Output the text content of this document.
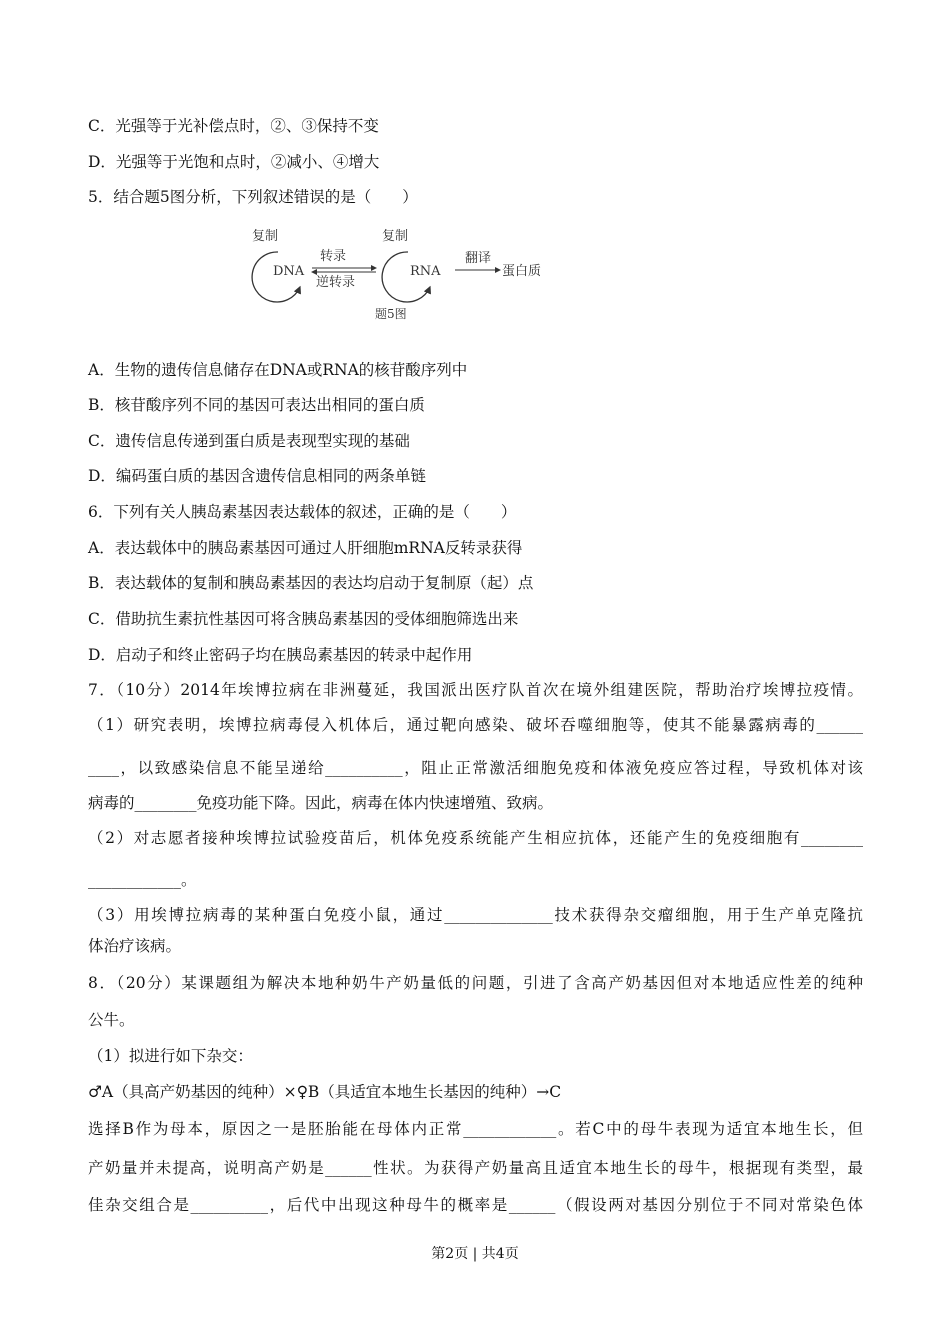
C．光强等于光补偿点时，②、③保持不变
D．光强等于光饱和点时，②减小、④增大
5．结合题5图分析，下列叙述错误的是（　　）
复制
DNA
转录
逆转录
复制
RNA
翻译
蛋白质
题5图
A．生物的遗传信息储存在DNA或RNA的核苷酸序列中
B．核苷酸序列不同的基因可表达出相同的蛋白质
C．遗传信息传递到蛋白质是表现型实现的基础
D．编码蛋白质的基因含遗传信息相同的两条单链
6．下列有关人胰岛素基因表达载体的叙述，正确的是（　　）
A．表达载体中的胰岛素基因可通过人肝细胞mRNA反转录获得
B．表达载体的复制和胰岛素基因的表达均启动于复制原（起）点
C．借助抗生素抗性基因可将含胰岛素基因的受体细胞筛选出来
D．启动子和终止密码子均在胰岛素基因的转录中起作用
7．（10分）2014年埃博拉病在非洲蔓延，我国派出医疗队首次在境外组建医院，帮助治疗埃博拉疫情。
（1）研究表明，埃博拉病毒侵入机体后，通过靶向感染、破坏吞噬细胞等，使其不能暴露病毒的______
____，以致感染信息不能呈递给__________，阻止正常激活细胞免疫和体液免疫应答过程，导致机体对该
病毒的________免疫功能下降。因此，病毒在体内快速增殖、致病。
（2）对志愿者接种埃博拉试验疫苗后，机体免疫系统能产生相应抗体，还能产生的免疫细胞有________
____________。
（3）用埃博拉病毒的某种蛋白免疫小鼠，通过______________技术获得杂交瘤细胞，用于生产单克隆抗
体治疗该病。
8．（20分）某课题组为解决本地种奶牛产奶量低的问题，引进了含高产奶基因但对本地适应性差的纯种
公牛。
（1）拟进行如下杂交：
♂A（具高产奶基因的纯种）×♀B（具适宜本地生长基因的纯种）→C
选择B作为母本，原因之一是胚胎能在母体内正常____________。若C中的母牛表现为适宜本地生长，但
产奶量并未提高，说明高产奶是______性状。为获得产奶量高且适宜本地生长的母牛，根据现有类型，最
佳杂交组合是__________，后代中出现这种母牛的概率是______（假设两对基因分别位于不同对常染色体
第2页 | 共4页
